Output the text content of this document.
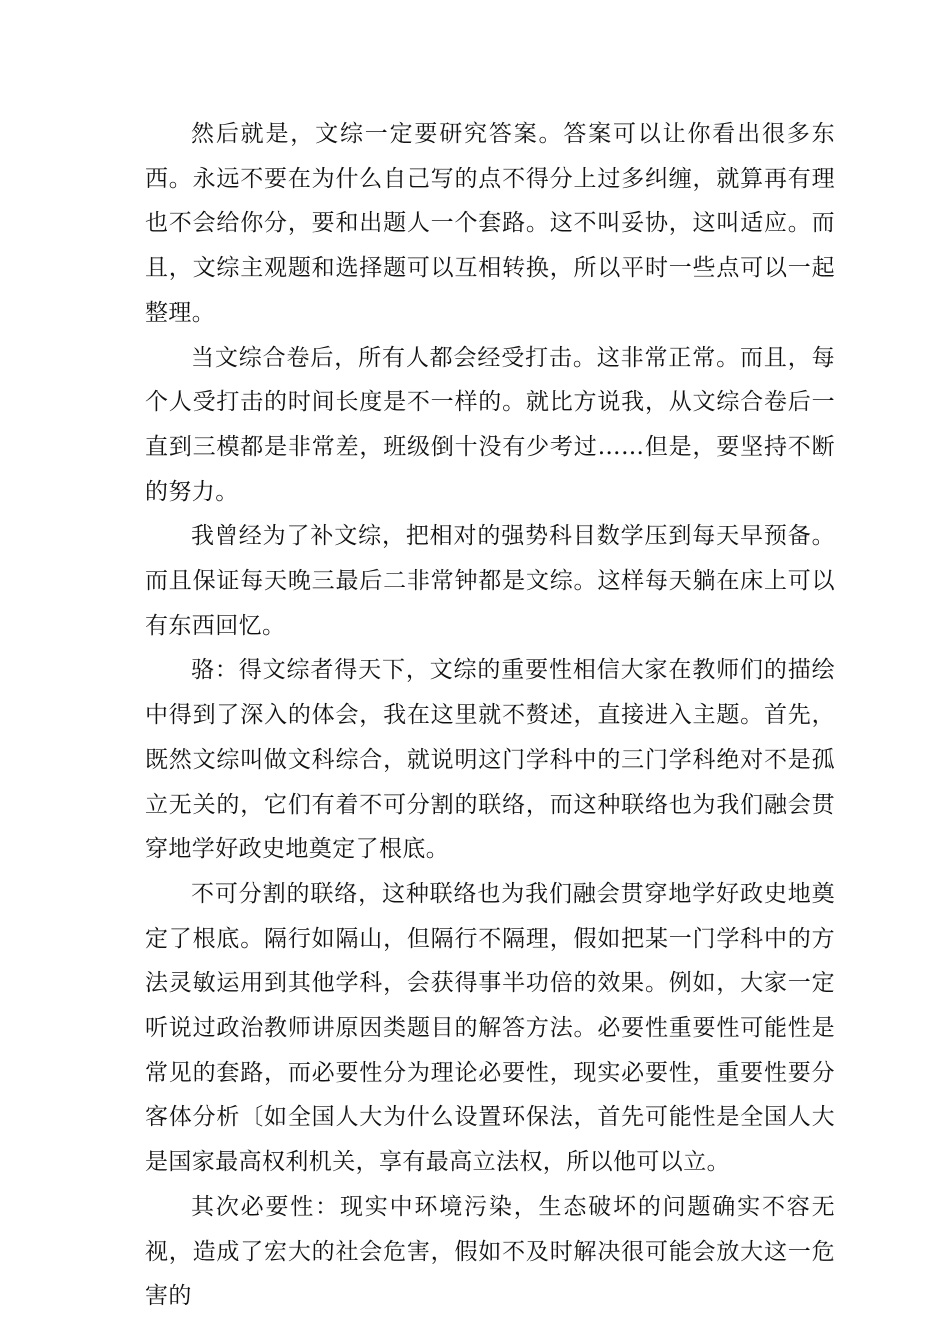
然后就是，文综一定要研究答案。答案可以让你看出很多东西。永远不要在为什么自己写的点不得分上过多纠缠，就算再有理也不会给你分，要和出题人一个套路。这不叫妥协，这叫适应。而且，文综主观题和选择题可以互相转换，所以平时一些点可以一起整理。

当文综合卷后，所有人都会经受打击。这非常正常。而且，每个人受打击的时间长度是不一样的。就比方说我，从文综合卷后一直到三模都是非常差，班级倒十没有少考过……但是，要坚持不断的努力。

我曾经为了补文综，把相对的强势科目数学压到每天早预备。而且保证每天晚三最后二非常钟都是文综。这样每天躺在床上可以有东西回忆。

骆：得文综者得天下，文综的重要性相信大家在教师们的描绘中得到了深入的体会，我在这里就不赘述，直接进入主题。首先，既然文综叫做文科综合，就说明这门学科中的三门学科绝对不是孤立无关的，它们有着不可分割的联络，而这种联络也为我们融会贯穿地学好政史地奠定了根底。

不可分割的联络，这种联络也为我们融会贯穿地学好政史地奠定了根底。隔行如隔山，但隔行不隔理，假如把某一门学科中的方法灵敏运用到其他学科，会获得事半功倍的效果。例如，大家一定听说过政治教师讲原因类题目的解答方法。必要性重要性可能性是常见的套路，而必要性分为理论必要性，现实必要性，重要性要分客体分析〔如全国人大为什么设置环保法，首先可能性是全国人大是国家最高权利机关，享有最高立法权，所以他可以立。

其次必要性：现实中环境污染，生态破坏的问题确实不容无视，造成了宏大的社会危害，假如不及时解决很可能会放大这一危害的
